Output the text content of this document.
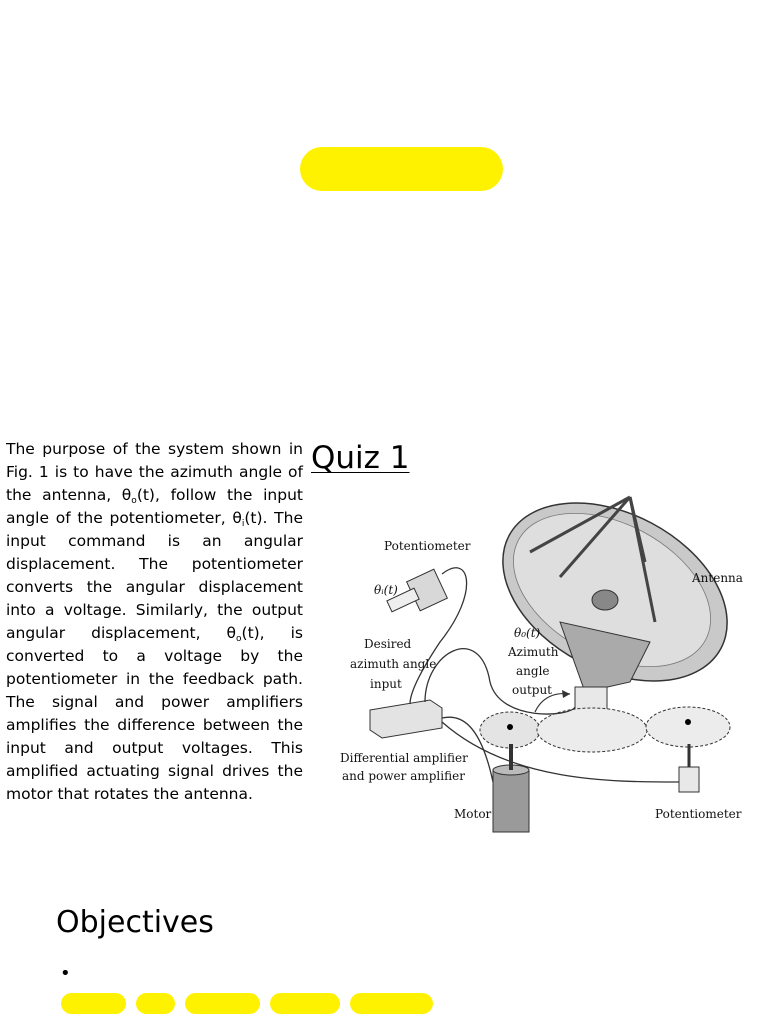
The purpose of the system shown in Fig. 1 is to have the azimuth angle of the antenna, $\theta_o(t)$, follow the input angle of the potentiometer, $\theta_i(t)$. The input command is an angular displacement. The potentiometer converts the angular displacement into a voltage. Similarly, the output angular displacement, $\theta_o(t)$, is converted to a voltage by the potentiometer in the feedback path. The signal and power amplifiers amplifies the difference between the input and output voltages. This amplified actuating signal drives the motor that rotates the antenna.
Quiz 1
Potentiometer
θᵢ(t)
Desired
azimuth angle
input
Antenna
θ₀(t)
Azimuth
angle
output
Differential amplifier
and power amplifier
Motor	Potentiometer
Objectives
•
